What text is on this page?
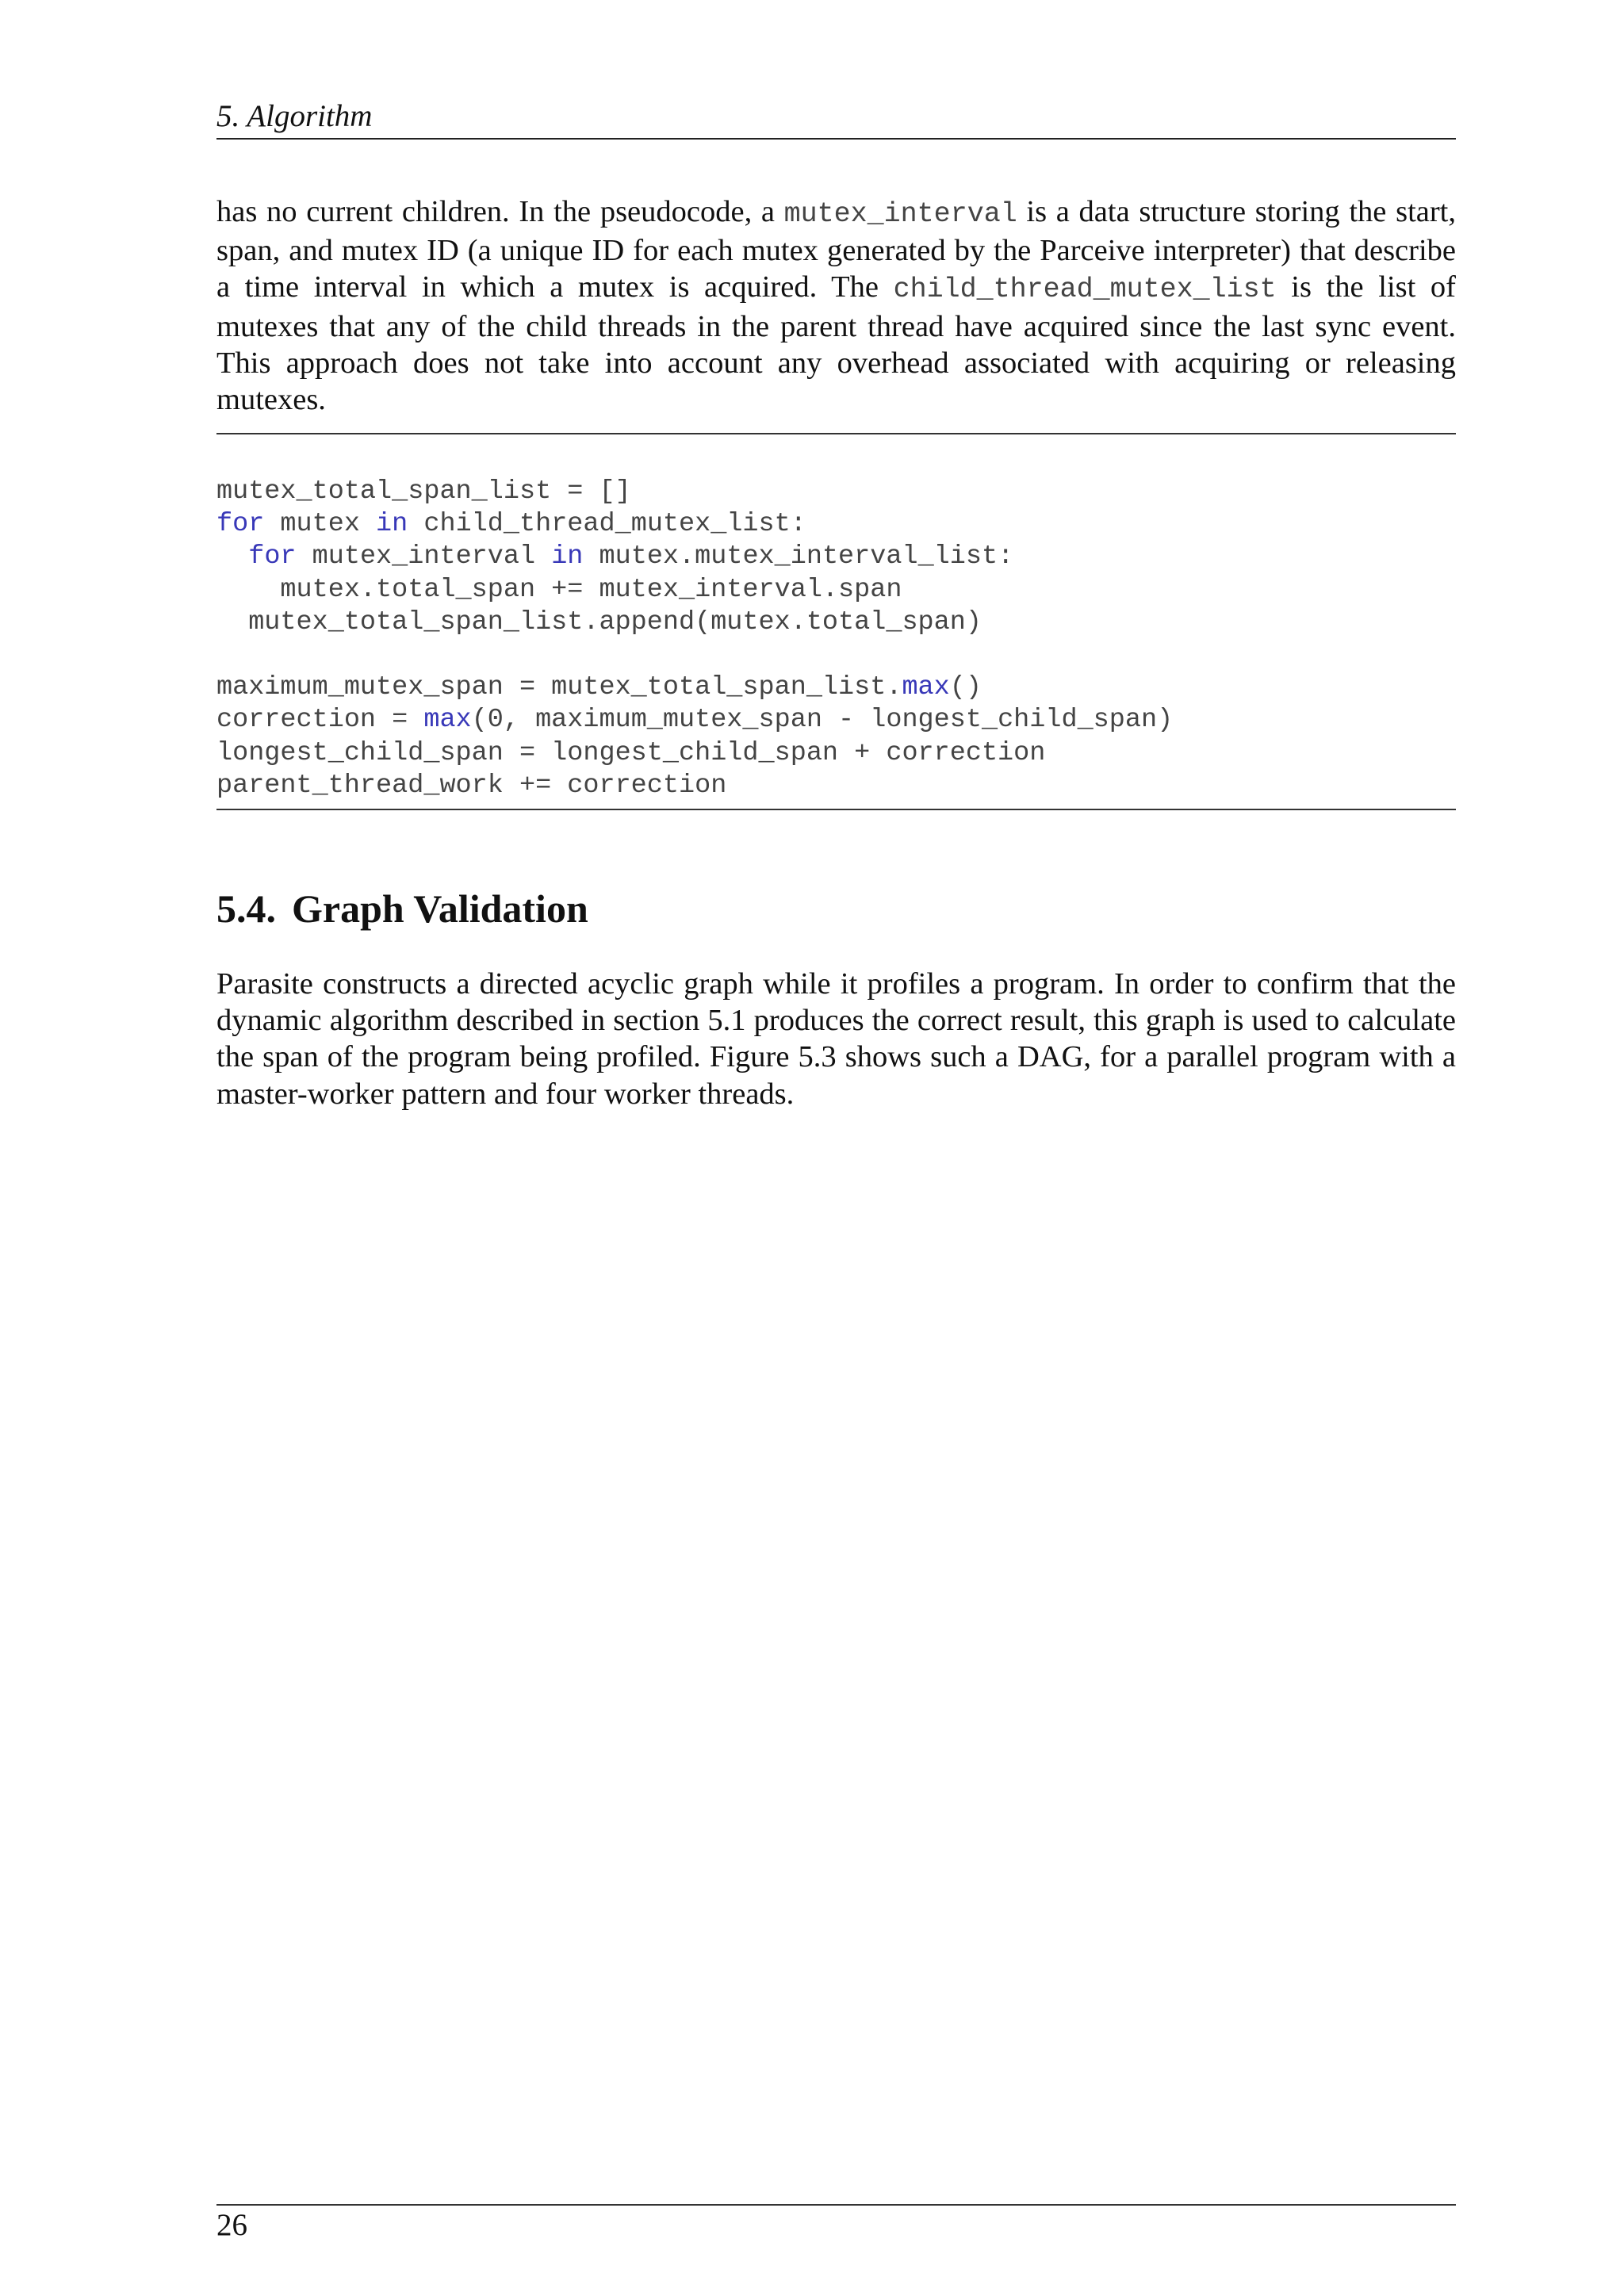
5. Algorithm

has no current children. In the pseudocode, a mutex_interval is a data structure storing the start, span, and mutex ID (a unique ID for each mutex generated by the Parceive interpreter) that describe a time interval in which a mutex is acquired. The child_thread_mutex_list is the list of mutexes that any of the child threads in the parent thread have acquired since the last sync event. This approach does not take into account any overhead associated with acquiring or releasing mutexes.

mutex_total_span_list = []
for mutex in child_thread_mutex_list:
for mutex_interval in mutex.mutex_interval_list:
mutex.total_span += mutex_interval.span
mutex_total_span_list.append(mutex.total_span)
maximum_mutex_span = mutex_total_span_list.max()
correction = max(0, maximum_mutex_span - longest_child_span)
longest_child_span = longest_child_span + correction
parent_thread_work += correction
5.4. Graph Validation

Parasite constructs a directed acyclic graph while it profiles a program. In order to confirm that the dynamic algorithm described in section 5.1 produces the correct result, this graph is used to calculate the span of the program being profiled. Figure 5.3 shows such a DAG, for a parallel program with a master-worker pattern and four worker threads.

26
